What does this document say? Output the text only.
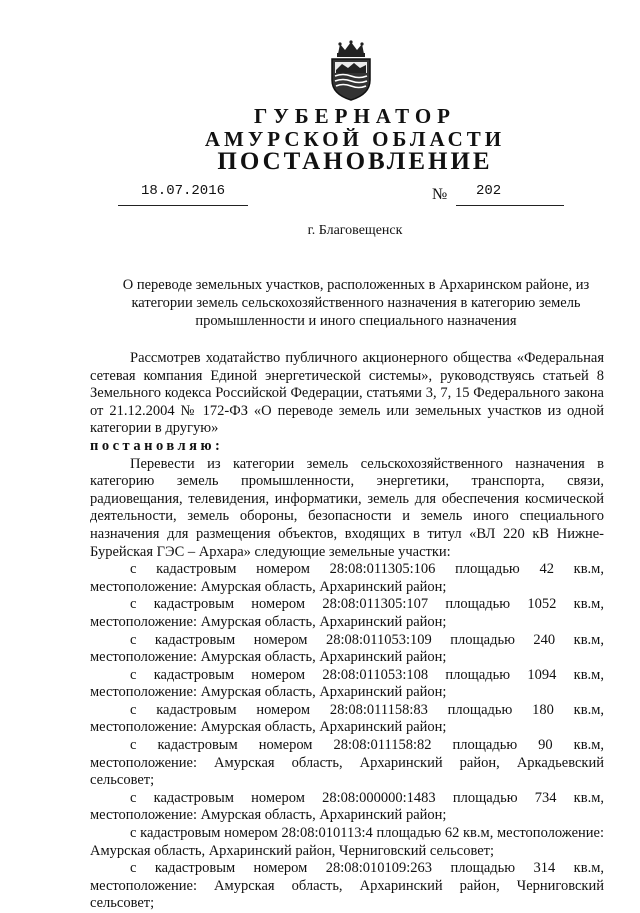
ГУБЕРНАТОР
АМУРСКОЙ ОБЛАСТИ
ПОСТАНОВЛЕНИЕ
18.07.2016	№	202
г. Благовещенск
О переводе земельных участков, расположенных в Архаринском районе, из категории земель сельскохозяйственного назначения в категорию земель промышленности и иного специального назначения

Рассмотрев ходатайство публичного акционерного общества «Федеральная сетевая компания Единой энергетической системы», руководствуясь статьей 8 Земельного кодекса Российской Федерации, статьями 3, 7, 15 Федерального закона от 21.12.2004 № 172-ФЗ «О переводе земель или земельных участков из одной категории в другую»

постановляю:

Перевести из категории земель сельскохозяйственного назначения в категорию земель промышленности, энергетики, транспорта, связи, радиовещания, телевидения, информатики, земель для обеспечения космической деятельности, земель обороны, безопасности и земель иного специального назначения для размещения объектов, входящих в титул «ВЛ 220 кВ Нижне-Бурейская ГЭС – Архара» следующие земельные участки:

с кадастровым номером 28:08:011305:106 площадью 42 кв.м, местоположение: Амурская область, Архаринский район;

с кадастровым номером 28:08:011305:107 площадью 1052 кв.м, местоположение: Амурская область, Архаринский район;

с кадастровым номером 28:08:011053:109 площадью 240 кв.м, местоположение: Амурская область, Архаринский район;

с кадастровым номером 28:08:011053:108 площадью 1094 кв.м, местоположение: Амурская область, Архаринский район;

с кадастровым номером 28:08:011158:83 площадью 180 кв.м, местоположение: Амурская область, Архаринский район;

с кадастровым номером 28:08:011158:82 площадью 90 кв.м, местоположение: Амурская область, Архаринский район, Аркадьевский сельсовет;

с кадастровым номером 28:08:000000:1483 площадью 734 кв.м, местоположение: Амурская область, Архаринский район;

с кадастровым номером 28:08:010113:4 площадью 62 кв.м, местоположение: Амурская область, Архаринский район, Черниговский сельсовет;

с кадастровым номером 28:08:010109:263 площадью 314 кв.м, местоположение: Амурская область, Архаринский район, Черниговский сельсовет;
